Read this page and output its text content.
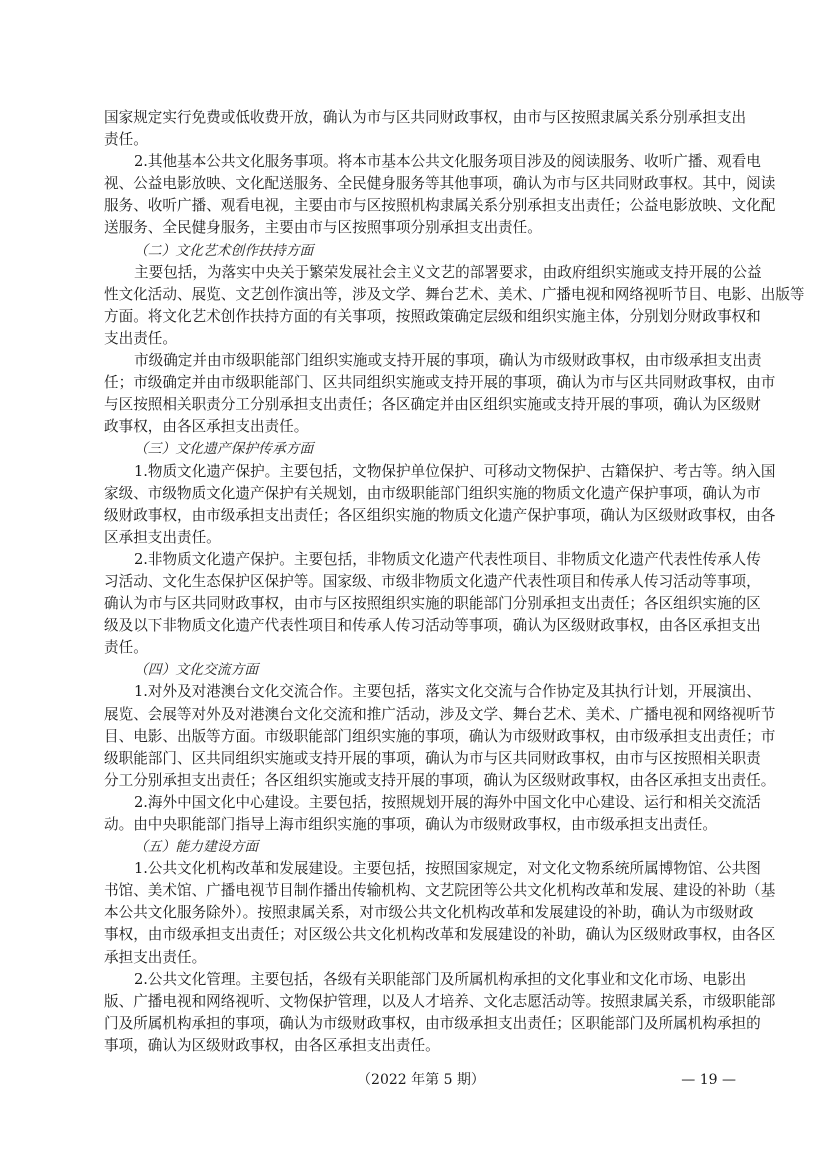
国家规定实行免费或低收费开放，确认为市与区共同财政事权，由市与区按照隶属关系分别承担支出
责任。
2.其他基本公共文化服务事项。将本市基本公共文化服务项目涉及的阅读服务、收听广播、观看电
视、公益电影放映、文化配送服务、全民健身服务等其他事项，确认为市与区共同财政事权。其中，阅读
服务、收听广播、观看电视，主要由市与区按照机构隶属关系分别承担支出责任；公益电影放映、文化配
送服务、全民健身服务，主要由市与区按照事项分别承担支出责任。
（二）文化艺术创作扶持方面
主要包括，为落实中央关于繁荣发展社会主义文艺的部署要求，由政府组织实施或支持开展的公益
性文化活动、展览、文艺创作演出等，涉及文学、舞台艺术、美术、广播电视和网络视听节目、电影、出版等
方面。将文化艺术创作扶持方面的有关事项，按照政策确定层级和组织实施主体，分别划分财政事权和
支出责任。
市级确定并由市级职能部门组织实施或支持开展的事项，确认为市级财政事权，由市级承担支出责
任；市级确定并由市级职能部门、区共同组织实施或支持开展的事项，确认为市与区共同财政事权，由市
与区按照相关职责分工分别承担支出责任；各区确定并由区组织实施或支持开展的事项，确认为区级财
政事权，由各区承担支出责任。
（三）文化遗产保护传承方面
1.物质文化遗产保护。主要包括，文物保护单位保护、可移动文物保护、古籍保护、考古等。纳入国
家级、市级物质文化遗产保护有关规划，由市级职能部门组织实施的物质文化遗产保护事项，确认为市
级财政事权，由市级承担支出责任；各区组织实施的物质文化遗产保护事项，确认为区级财政事权，由各
区承担支出责任。
2.非物质文化遗产保护。主要包括，非物质文化遗产代表性项目、非物质文化遗产代表性传承人传
习活动、文化生态保护区保护等。国家级、市级非物质文化遗产代表性项目和传承人传习活动等事项，
确认为市与区共同财政事权，由市与区按照组织实施的职能部门分别承担支出责任；各区组织实施的区
级及以下非物质文化遗产代表性项目和传承人传习活动等事项，确认为区级财政事权，由各区承担支出
责任。
（四）文化交流方面
1.对外及对港澳台文化交流合作。主要包括，落实文化交流与合作协定及其执行计划，开展演出、
展览、会展等对外及对港澳台文化交流和推广活动，涉及文学、舞台艺术、美术、广播电视和网络视听节
目、电影、出版等方面。市级职能部门组织实施的事项，确认为市级财政事权，由市级承担支出责任；市
级职能部门、区共同组织实施或支持开展的事项，确认为市与区共同财政事权，由市与区按照相关职责
分工分别承担支出责任；各区组织实施或支持开展的事项，确认为区级财政事权，由各区承担支出责任。
2.海外中国文化中心建设。主要包括，按照规划开展的海外中国文化中心建设、运行和相关交流活
动。由中央职能部门指导上海市组织实施的事项，确认为市级财政事权，由市级承担支出责任。
（五）能力建设方面
1.公共文化机构改革和发展建设。主要包括，按照国家规定，对文化文物系统所属博物馆、公共图
书馆、美术馆、广播电视节目制作播出传输机构、文艺院团等公共文化机构改革和发展、建设的补助（基
本公共文化服务除外）。按照隶属关系，对市级公共文化机构改革和发展建设的补助，确认为市级财政
事权，由市级承担支出责任；对区级公共文化机构改革和发展建设的补助，确认为区级财政事权，由各区
承担支出责任。
2.公共文化管理。主要包括，各级有关职能部门及所属机构承担的文化事业和文化市场、电影出
版、广播电视和网络视听、文物保护管理，以及人才培养、文化志愿活动等。按照隶属关系，市级职能部
门及所属机构承担的事项，确认为市级财政事权，由市级承担支出责任；区职能部门及所属机构承担的
事项，确认为区级财政事权，由各区承担支出责任。
（2022 年第 5 期）	— 19 —
